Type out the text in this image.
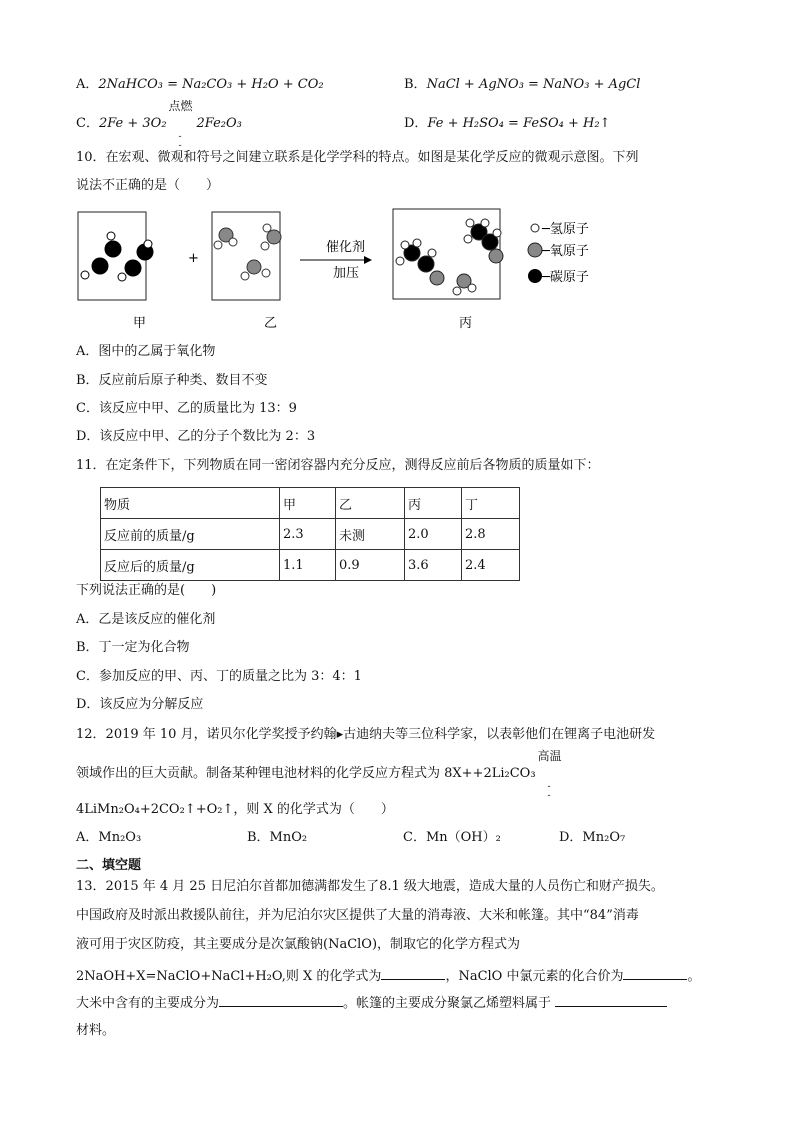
A．2NaHCO₃ = Na₂CO₃ + H₂O + CO₂	B．NaCl + AgNO₃ = NaNO₃ + AgCl
C．2Fe + 3O₂
点燃
-
-
2Fe₂O₃	D．Fe + H₂SO₄ = FeSO₄ + H₂↑
10．在宏观、微观和符号之间建立联系是化学学科的特点。如图是某化学反应的微观示意图。下列
说法不正确的是（　　）
+
催化剂
加压
─氢原子
─氧原子
─碳原子
甲	乙	丙
A．图中的乙属于氧化物
B．反应前后原子种类、数目不变
C．该反应中甲、乙的质量比为 13：9
D．该反应中甲、乙的分子个数比为 2：3
11．在定条件下，下列物质在同一密闭容器内充分反应，测得反应前后各物质的质量如下：
物质	甲	乙	丙	丁
反应前的质量/g	2.3	未测	2.0	2.8
反应后的质量/g	1.1	0.9	3.6	2.4
下列说法正确的是(　　)
A．乙是该反应的催化剂
B．丁一定为化合物
C．参加反应的甲、丙、丁的质量之比为 3：4：1
D．该反应为分解反应
12．2019 年 10 月，诺贝尔化学奖授予约翰▸古迪纳夫等三位科学家，以表彰他们在锂离子电池研发
领域作出的巨大贡献。制备某种锂电池材料的化学反应方程式为 8X++2Li₂CO₃
高温
-
-
4LiMn₂O₄+2CO₂↑+O₂↑，则 X 的化学式为（　　）
A．Mn₂O₃	B．MnO₂	C．Mn（OH）₂	D．Mn₂O₇
二、填空题
13．2015 年 4 月 25 日尼泊尔首都加德满都发生了8.1 级大地震，造成大量的人员伤亡和财产损失。
中国政府及时派出救援队前往，并为尼泊尔灾区提供了大量的消毒液、大米和帐篷。其中“84”消毒
液可用于灾区防疫，其主要成分是次氯酸钠(NaClO)，制取它的化学方程式为
2NaOH+X=NaClO+NaCl+H₂O,则 X 的化学式为	，NaClO 中氯元素的化合价为	。
大米中含有的主要成分为	。帐篷的主要成分聚氯乙烯塑料属于
材料。
